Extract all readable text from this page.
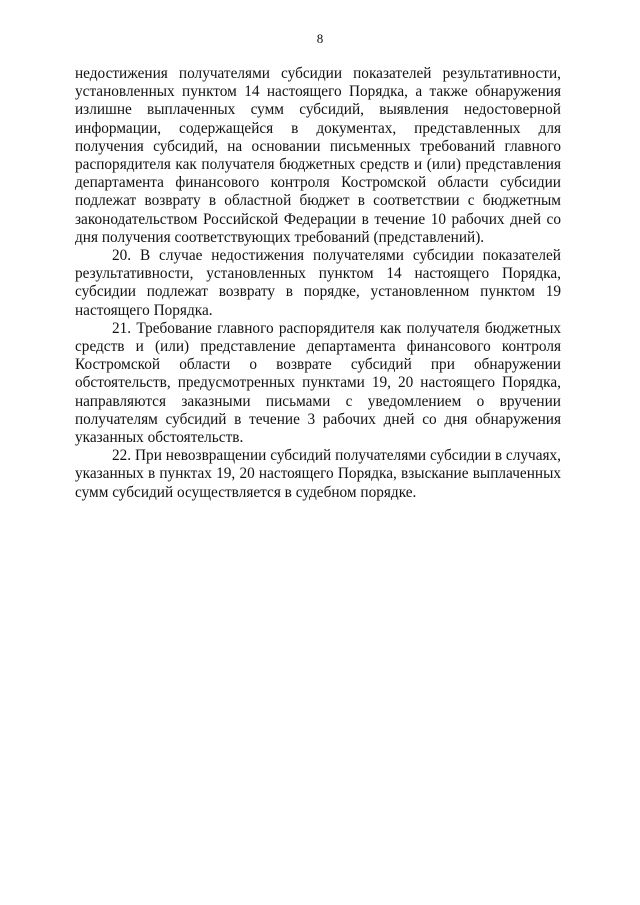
8

недостижения получателями субсидии показателей результативности, установленных пунктом 14 настоящего Порядка, а также обнаружения излишне выплаченных сумм субсидий, выявления недостоверной информации, содержащейся в документах, представленных для получения субсидий, на основании письменных требований главного распорядителя как получателя бюджетных средств и (или) представления департамента финансового контроля Костромской области субсидии подлежат возврату в областной бюджет в соответствии с бюджетным законодательством Российской Федерации в течение 10 рабочих дней со дня получения соответствующих требований (представлений).

20. В случае недостижения получателями субсидии показателей результативности, установленных пунктом 14 настоящего Порядка, субсидии подлежат возврату в порядке, установленном пунктом 19 настоящего Порядка.

21. Требование главного распорядителя как получателя бюджетных средств и (или) представление департамента финансового контроля Костромской области о возврате субсидий при обнаружении обстоятельств, предусмотренных пунктами 19, 20 настоящего Порядка, направляются заказными письмами с уведомлением о вручении получателям субсидий в течение 3 рабочих дней со дня обнаружения указанных обстоятельств.

22. При невозвращении субсидий получателями субсидии в случаях, указанных в пунктах 19, 20 настоящего Порядка, взыскание выплаченных сумм субсидий осуществляется в судебном порядке.
